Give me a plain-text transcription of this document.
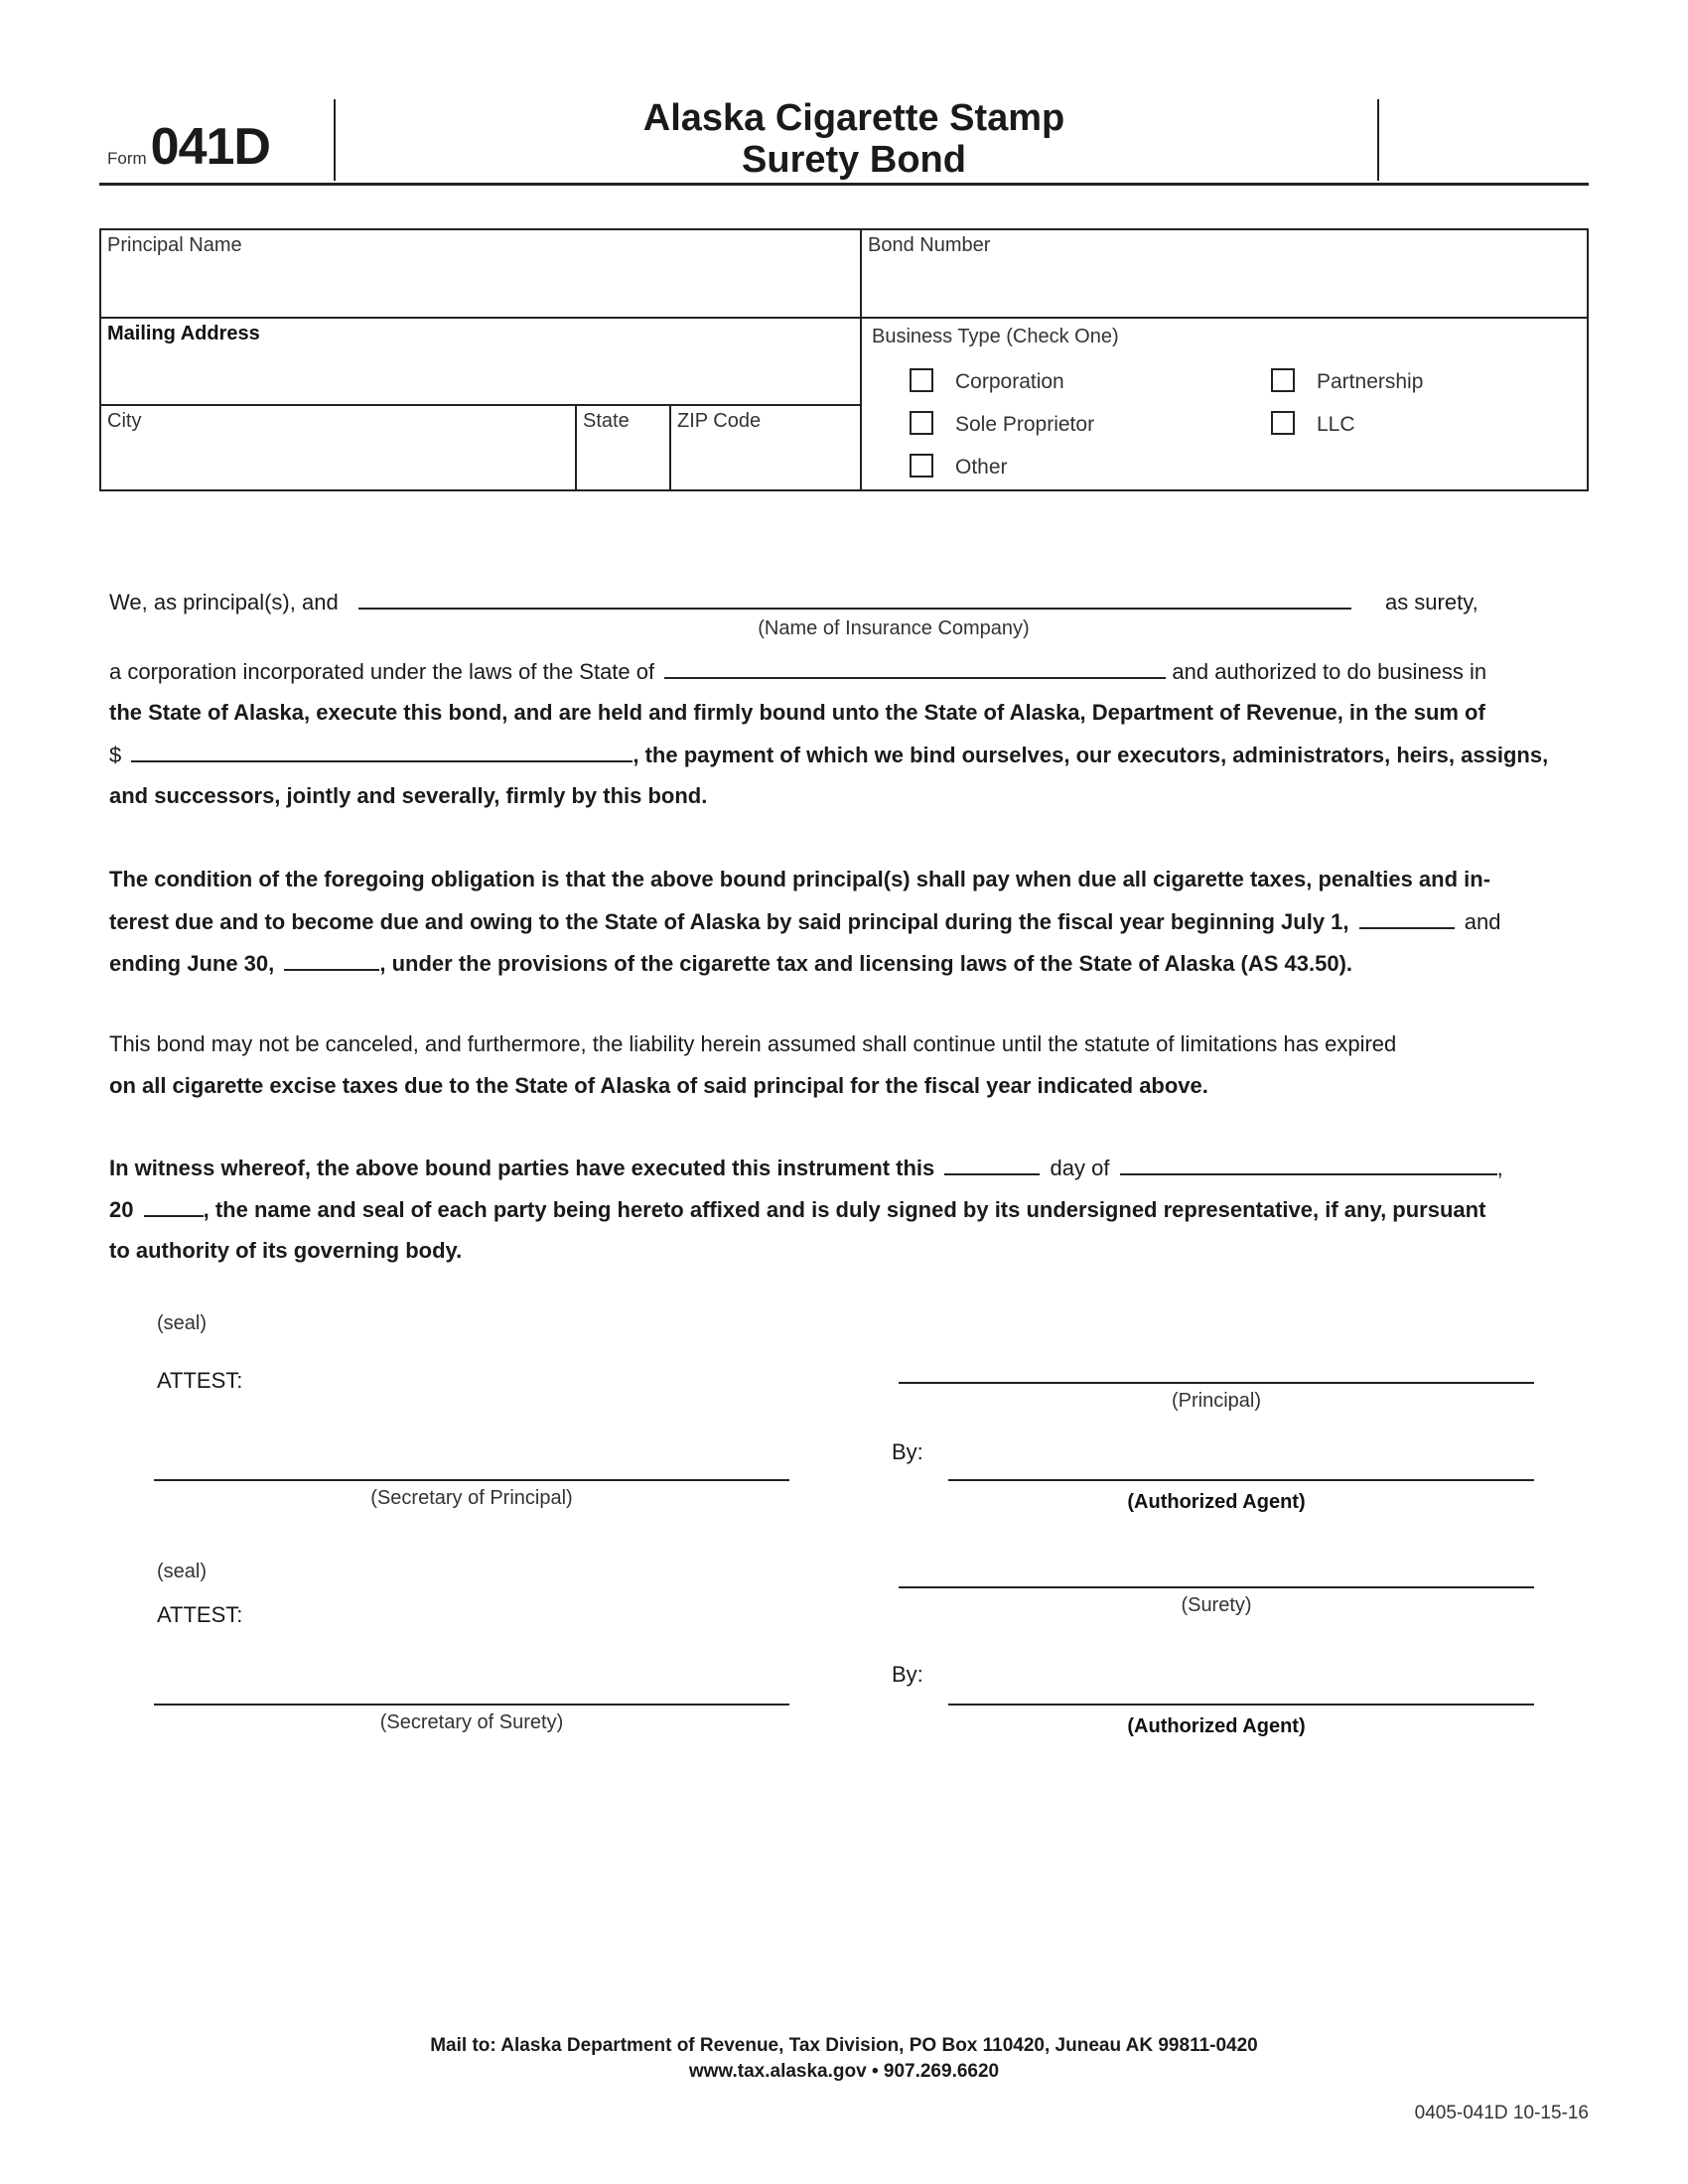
Form041D	Alaska Cigarette Stamp
Surety Bond
Principal Name	Bond Number
Mailing Address
City	State ZIP Code
Business Type (Check One)
Corporation	Partnership
Sole Proprietor	LLC
Other
We, as principal(s), and	as surety,
(Name of Insurance Company)
a corporation incorporated under the laws of the State of	and authorized to do business in
the State of Alaska, execute this bond, and are held and firmly bound unto the State of Alaska, Department of Revenue, in the sum of
$	, the payment of which we bind ourselves, our executors, administrators, heirs, assigns,
and successors, jointly and severally, firmly by this bond.
The condition of the foregoing obligation is that the above bound principal(s) shall pay when due all cigarette taxes, penalties and in-
terest due and to become due and owing to the State of Alaska by said principal during the fiscal year beginning July 1,	and
ending June 30,	, under the provisions of the cigarette tax and licensing laws of the State of Alaska (AS 43.50).
This bond may not be canceled, and furthermore, the liability herein assumed shall continue until the statute of limitations has expired
on all cigarette excise taxes due to the State of Alaska of said principal for the fiscal year indicated above.
In witness whereof, the above bound parties have executed this instrument this	day of	,
20	, the name and seal of each party being hereto affixed and is duly signed by its undersigned representative, if any, pursuant
to authority of its governing body.
(seal)
ATTEST:
(Principal)
By:
(Secretary of Principal)	(Authorized Agent)
(seal)
ATTEST:	(Surety)
By:
(Secretary of Surety)	(Authorized Agent)
Mail to: Alaska Department of Revenue, Tax Division, PO Box 110420, Juneau AK 99811-0420
www.tax.alaska.gov • 907.269.6620
0405-041D 10-15-16
